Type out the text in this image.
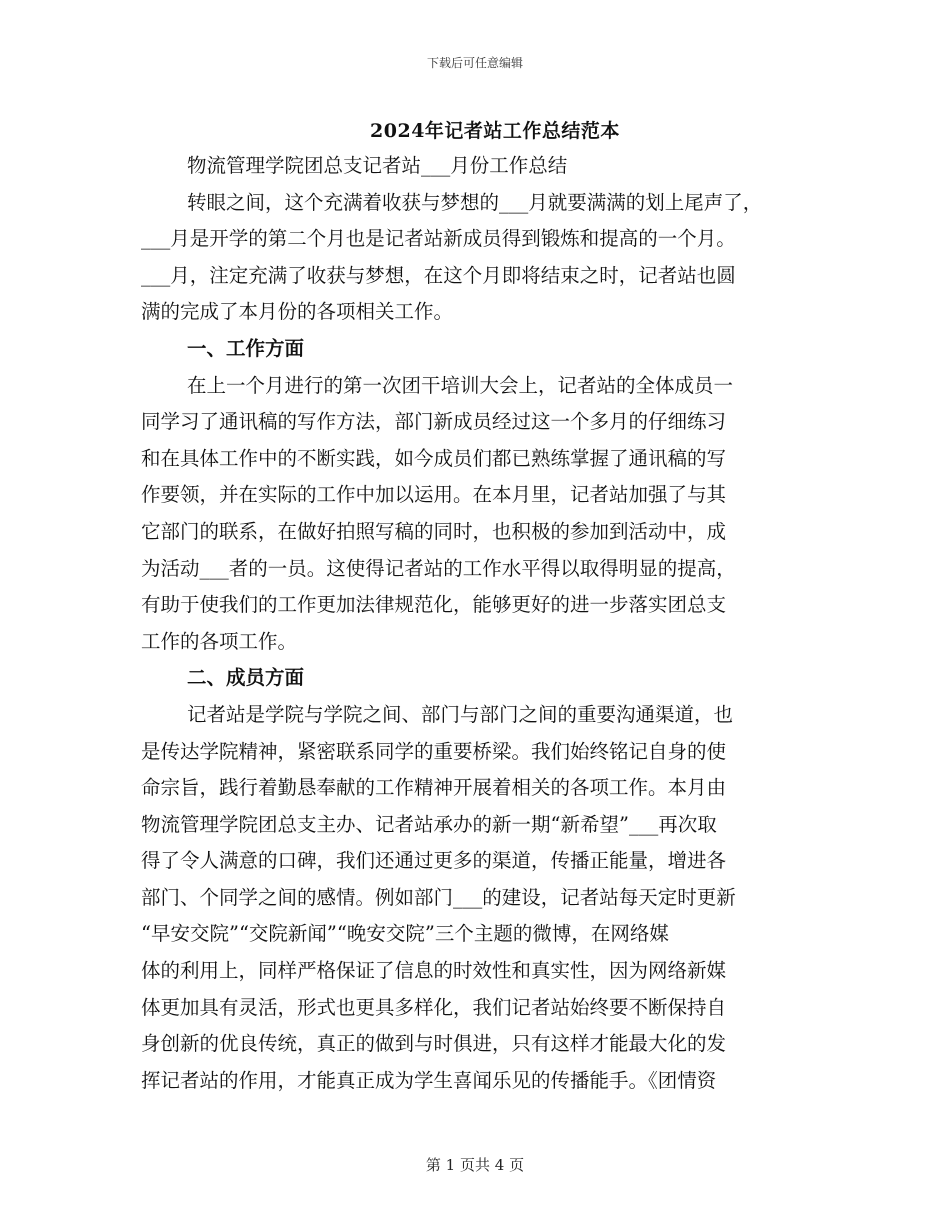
下载后可任意编辑
2024年记者站工作总结范本
物流管理学院团总支记者站___月份工作总结
转眼之间，这个充满着收获与梦想的___月就要满满的划上尾声了，
___月是开学的第二个月也是记者站新成员得到锻炼和提高的一个月。
___月，注定充满了收获与梦想，在这个月即将结束之时，记者站也圆
满的完成了本月份的各项相关工作。
一、工作方面
在上一个月进行的第一次团干培训大会上，记者站的全体成员一
同学习了通讯稿的写作方法，部门新成员经过这一个多月的仔细练习
和在具体工作中的不断实践，如今成员们都已熟练掌握了通讯稿的写
作要领，并在实际的工作中加以运用。在本月里，记者站加强了与其
它部门的联系，在做好拍照写稿的同时，也积极的参加到活动中，成
为活动___者的一员。这使得记者站的工作水平得以取得明显的提高，
有助于使我们的工作更加法律规范化，能够更好的进一步落实团总支
工作的各项工作。
二、成员方面
记者站是学院与学院之间、部门与部门之间的重要沟通渠道，也
是传达学院精神，紧密联系同学的重要桥梁。我们始终铭记自身的使
命宗旨，践行着勤恳奉献的工作精神开展着相关的各项工作。本月由
物流管理学院团总支主办、记者站承办的新一期“新希望”___再次取
得了令人满意的口碑，我们还通过更多的渠道，传播正能量，增进各
部门、个同学之间的感情。例如部门___的建设，记者站每天定时更新
“早安交院”“交院新闻”“晚安交院”三个主题的微博，在网络媒
体的利用上，同样严格保证了信息的时效性和真实性，因为网络新媒
体更加具有灵活，形式也更具多样化，我们记者站始终要不断保持自
身创新的优良传统，真正的做到与时俱进，只有这样才能最大化的发
挥记者站的作用，才能真正成为学生喜闻乐见的传播能手。《团情资
第 1 页共 4 页
